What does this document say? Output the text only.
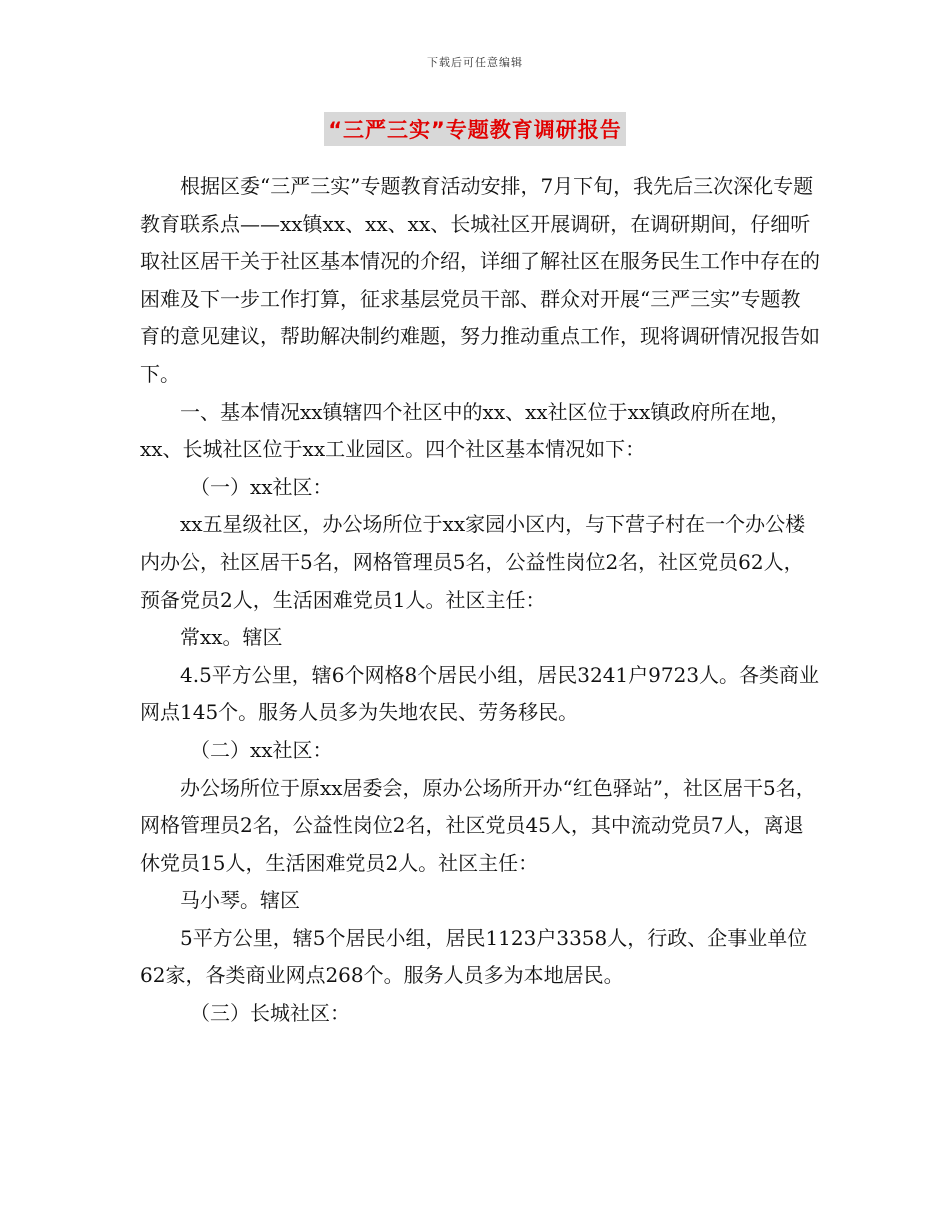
下载后可任意编辑
“三严三实”专题教育调研报告

根据区委“三严三实”专题教育活动安排，7月下旬，我先后三次深化专题教育联系点——xx镇xx、xx、xx、长城社区开展调研，在调研期间，仔细听取社区居干关于社区基本情况的介绍，详细了解社区在服务民生工作中存在的困难及下一步工作打算，征求基层党员干部、群众对开展“三严三实”专题教育的意见建议，帮助解决制约难题，努力推动重点工作，现将调研情况报告如下。

一、基本情况xx镇辖四个社区中的xx、xx社区位于xx镇政府所在地，xx、长城社区位于xx工业园区。四个社区基本情况如下：

（一）xx社区：

xx五星级社区，办公场所位于xx家园小区内，与下营子村在一个办公楼内办公，社区居干5名，网格管理员5名，公益性岗位2名，社区党员62人，预备党员2人，生活困难党员1人。社区主任：

常xx。辖区

4.5平方公里，辖6个网格8个居民小组，居民3241户9723人。各类商业网点145个。服务人员多为失地农民、劳务移民。

（二）xx社区：

办公场所位于原xx居委会，原办公场所开办“红色驿站”，社区居干5名，网格管理员2名，公益性岗位2名，社区党员45人，其中流动党员7人，离退休党员15人，生活困难党员2人。社区主任：

马小琴。辖区

5平方公里，辖5个居民小组，居民1123户3358人，行政、企事业单位62家，各类商业网点268个。服务人员多为本地居民。

（三）长城社区：
